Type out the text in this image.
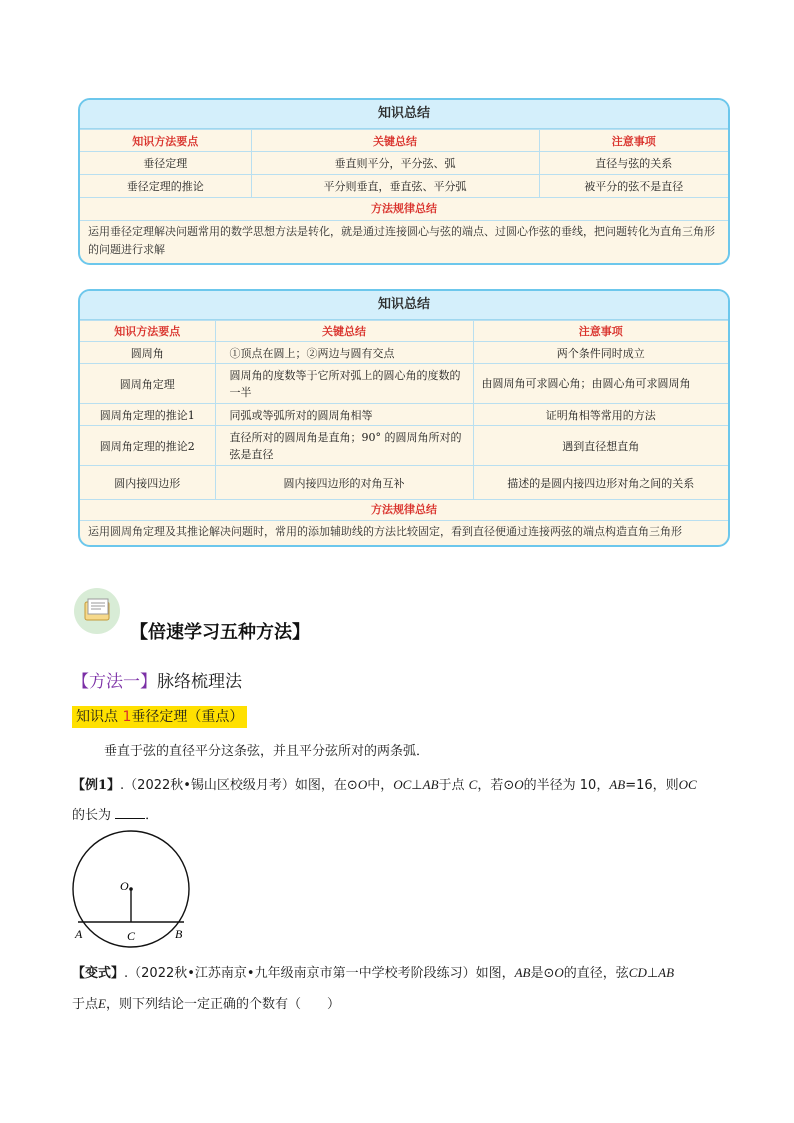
知识总结
知识方法要点	关键总结	注意事项
垂径定理	垂直则平分，平分弦、弧	直径与弦的关系
垂径定理的推论	平分则垂直，垂直弦、平分弧	被平分的弦不是直径
方法规律总结
运用垂径定理解决问题常用的数学思想方法是转化，就是通过连接圆心与弦的端点、过圆心作弦的垂线，把问题转化为直角三角形的问题进行求解
知识总结
知识方法要点	关键总结	注意事项
圆周角	①顶点在圆上；②两边与圆有交点	两个条件同时成立
圆周角定理	圆周角的度数等于它所对弧上的圆心角的度数的一半	由圆周角可求圆心角；由圆心角可求圆周角
圆周角定理的推论1	同弧或等弧所对的圆周角相等	证明角相等常用的方法
圆周角定理的推论2	直径所对的圆周角是直角；90° 的圆周角所对的弦是直径	遇到直径想直角
圆内接四边形	圆内接四边形的对角互补	描述的是圆内接四边形对角之间的关系
方法规律总结
运用圆周角定理及其推论解决问题时，常用的添加辅助线的方法比较固定，看到直径便通过连接两弦的端点构造直角三角形
【倍速学习五种方法】
【方法一】脉络梳理法
知识点 1垂径定理（重点）
垂直于弦的直径平分这条弦，并且平分弦所对的两条弧．
【例1】.（2022秋•锡山区校级月考）如图，在⊙O中，OC⊥AB于点 C，若⊙O的半径为 10，AB=16，则OC
的长为	．
O
A	C	B
【变式】.（2022秋•江苏南京•九年级南京市第一中学校考阶段练习）如图，AB是⊙O的直径，弦CD⊥AB
于点E，则下列结论一定正确的个数有（　　）
